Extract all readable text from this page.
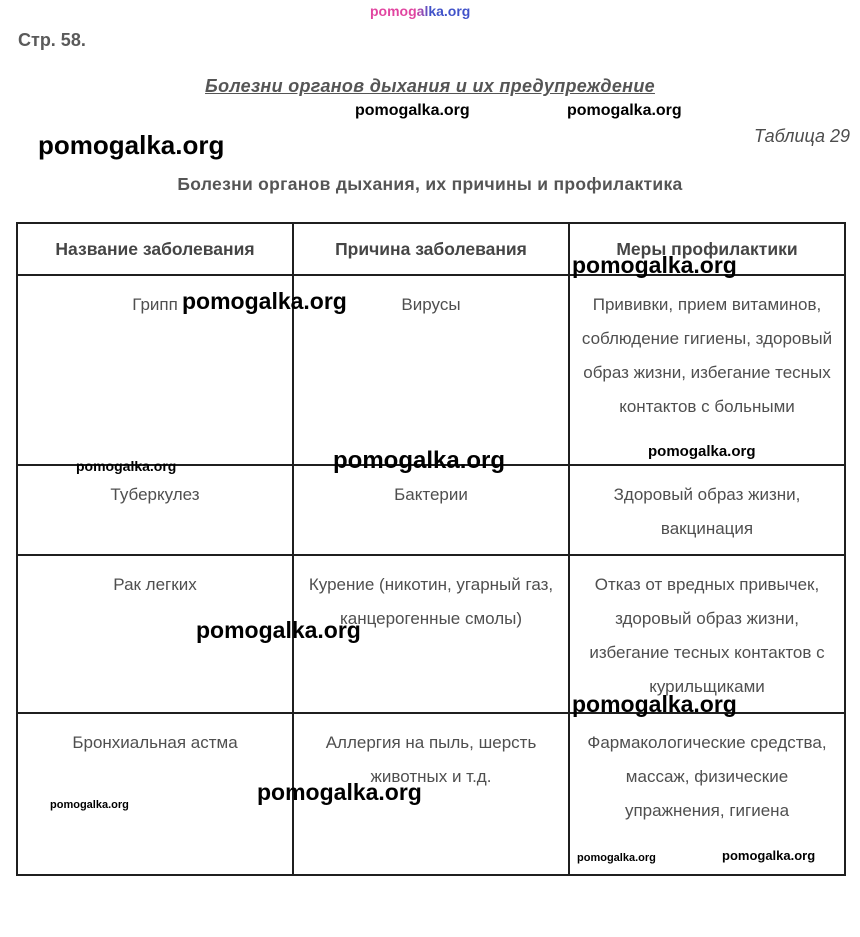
Стр. 58.
Болезни органов дыхания и их предупреждение
Таблица 29
Болезни органов дыхания, их причины и профилактика
Название заболевания	Причина заболевания	Меры профилактики
Грипп	Вирусы	Прививки, прием витаминов, соблюдение гигиены, здоровый образ жизни, избегание тесных контактов с больными
Туберкулез	Бактерии	Здоровый образ жизни, вакцинация
Рак легких	Курение (никотин, угарный газ, канцерогенные смолы)	Отказ от вредных привычек, здоровый образ жизни, избегание тесных контактов с курильщиками
Бронхиальная астма	Аллергия на пыль, шерсть животных и т.д.	Фармакологические средства, массаж, физические упражнения, гигиена
pomogalka.org
pomogalka.org	pomogalka.org
pomogalka.org
pomogalka.org
pomogalka.org
pomogalka.org	pomogalka.org	pomogalka.org
pomogalka.org
pomogalka.org
pomogalka.org
pomogalka.org
pomogalka.org	pomogalka.org
